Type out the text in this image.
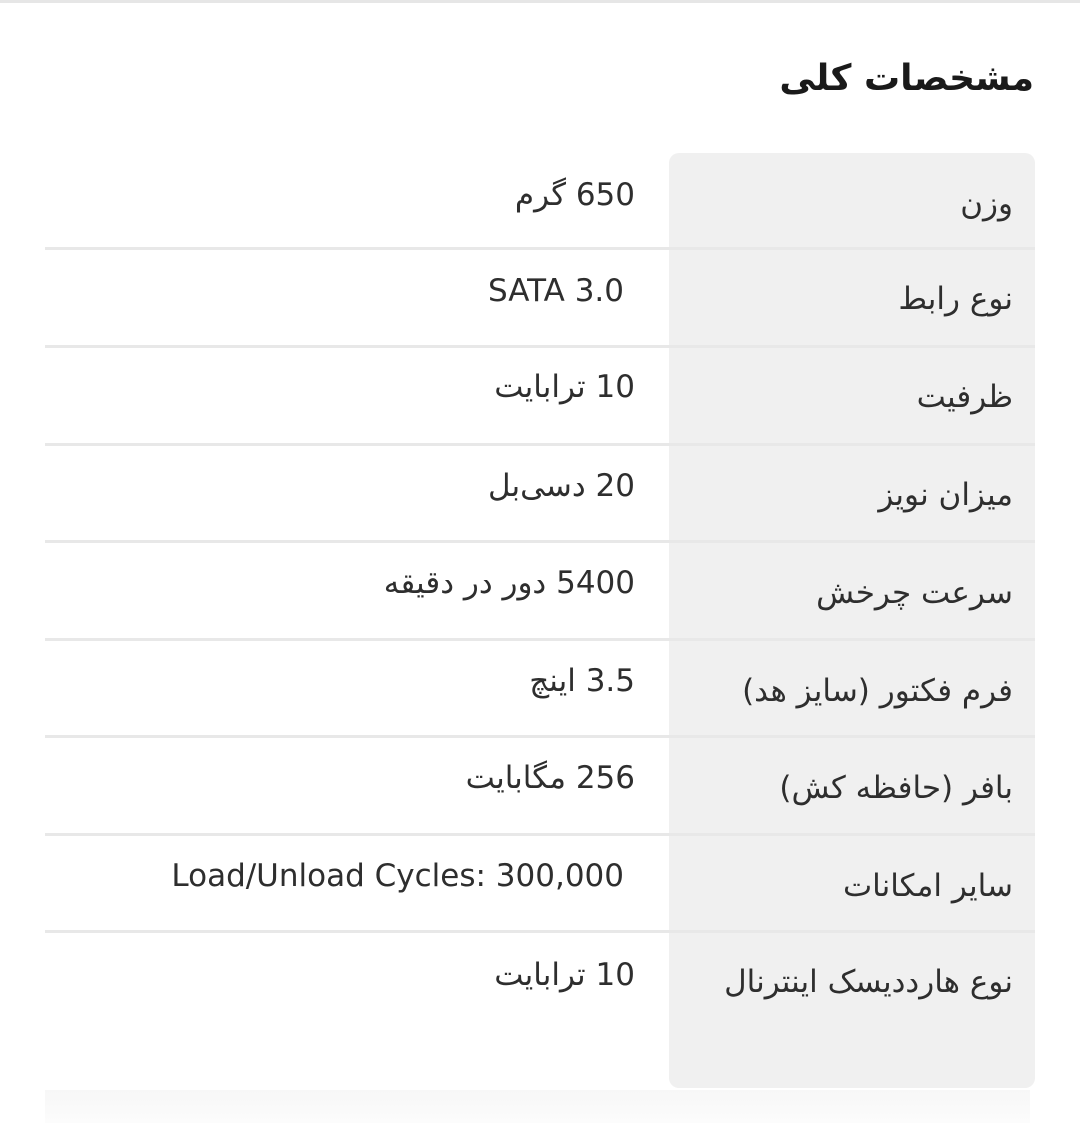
مشخصات کلی
وزن
650 گرم
نوع رابط
SATA 3.0
ظرفیت
10 ترابایت
میزان نویز
20 دسی‌بل
سرعت چرخش
5400 دور در دقیقه
فرم فکتور (سایز هد)
3.5 اینچ
بافر (حافظه کش)
256 مگابایت
سایر امکانات
Load/Unload Cycles: 300,000
نوع هارددیسک اینترنال
10 ترابایت
